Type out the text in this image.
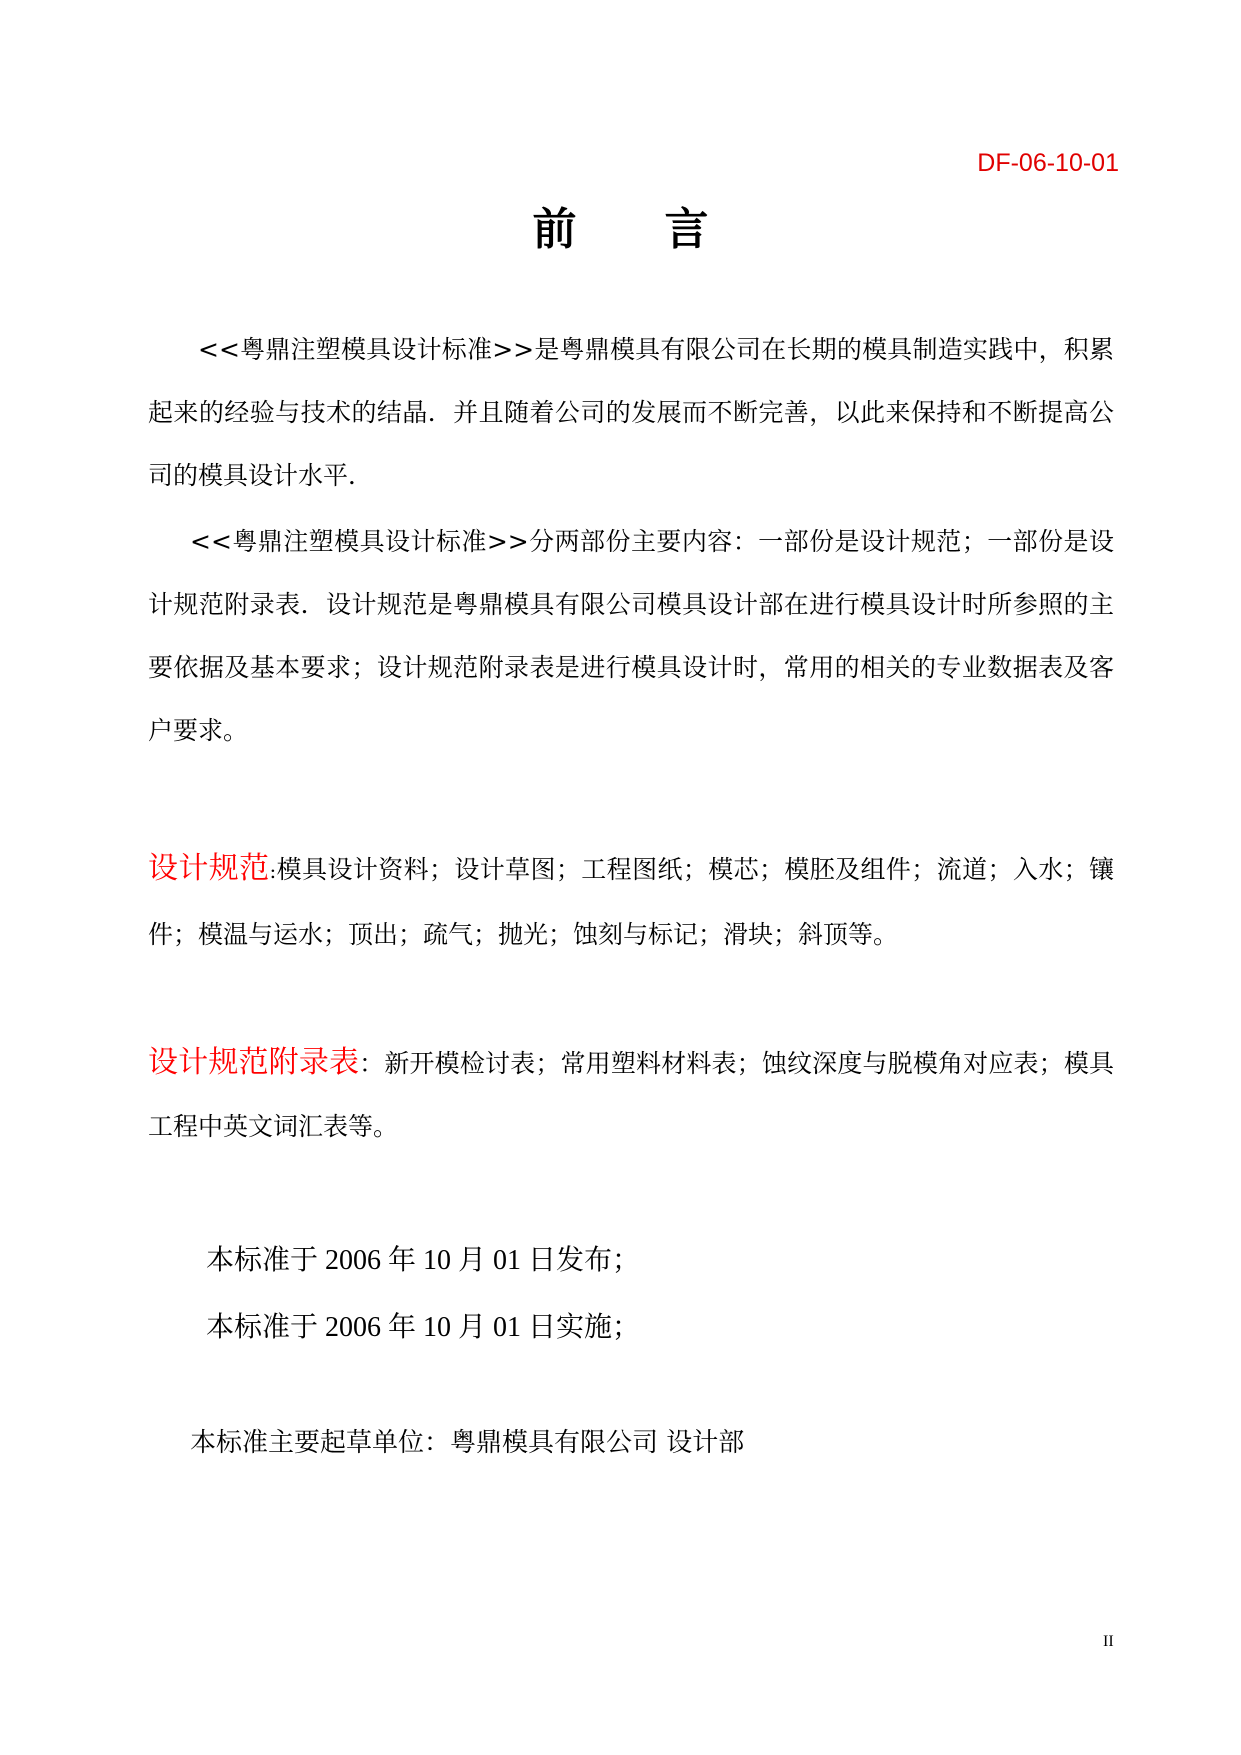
DF-06-10-01
前言

<<粤鼎注塑模具设计标准>>是粤鼎模具有限公司在长期的模具制造实践中，积累起来的经验与技术的结晶．并且随着公司的发展而不断完善，以此来保持和不断提高公司的模具设计水平．

<<粤鼎注塑模具设计标准>>分两部份主要内容：一部份是设计规范；一部份是设计规范附录表．设计规范是粤鼎模具有限公司模具设计部在进行模具设计时所参照的主要依据及基本要求；设计规范附录表是进行模具设计时，常用的相关的专业数据表及客户要求。

设计规范:模具设计资料；设计草图；工程图纸；模芯；模胚及组件；流道；入水；镶件；模温与运水；顶出；疏气；抛光；蚀刻与标记；滑块；斜顶等。

设计规范附录表：新开模检讨表；常用塑料材料表；蚀纹深度与脱模角对应表；模具工程中英文词汇表等。

本标准于 2006 年 10 月 01 日发布；
本标准于 2006 年 10 月 01 日实施；
本标准主要起草单位：粤鼎模具有限公司 设计部
II
